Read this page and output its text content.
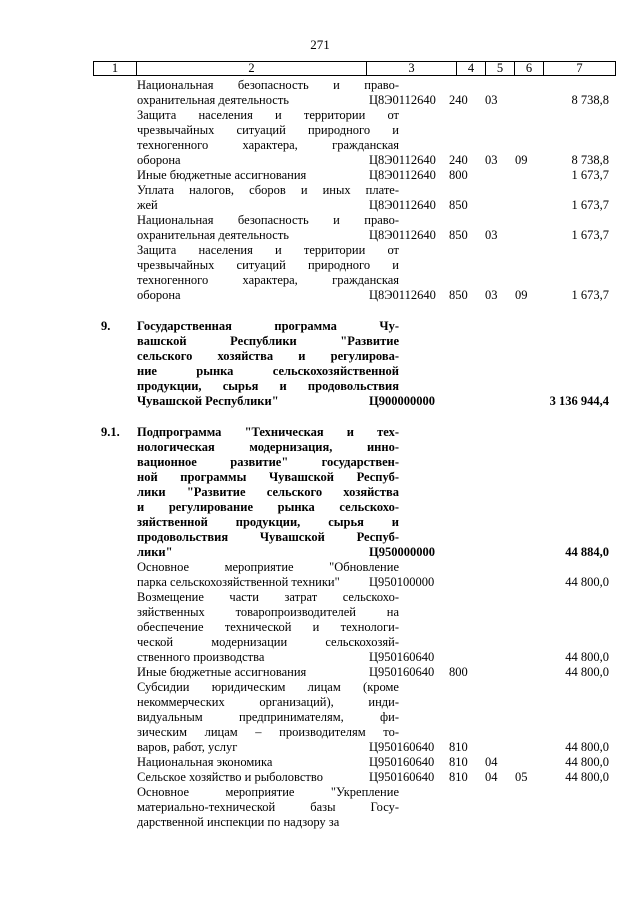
271
1	2	3	4	5	6	7
Национальная безопасность и право-
охранительная деятельность	Ц8Э0112640 240 03	8 738,8
Защита населения и территории от
чрезвычайных ситуаций природного и
техногенного характера, гражданская
оборона	Ц8Э0112640 240 03 09	8 738,8
Иные бюджетные ассигнования	Ц8Э0112640 800	1 673,7
Уплата налогов, сборов и иных плате-
жей	Ц8Э0112640 850	1 673,7
Национальная безопасность и право-
охранительная деятельность	Ц8Э0112640 850 03	1 673,7
Защита населения и территории от
чрезвычайных ситуаций природного и
техногенного характера, гражданская
оборона	Ц8Э0112640 850 03 09	1 673,7
9. Государственная программа Чу-
вашской Республики "Развитие
сельского хозяйства и регулирова-
ние рынка сельскохозяйственной
продукции, сырья и продовольствия
Чувашской Республики"	Ц900000000	3 136 944,4
9.1. Подпрограмма "Техническая и тех-
нологическая модернизация, инно-
вационное развитие" государствен-
ной программы Чувашской Респуб-
лики "Развитие сельского хозяйства
и регулирование рынка сельскохо-
зяйственной продукции, сырья и
продовольствия Чувашской Респуб-
лики"	Ц950000000	44 884,0
Основное мероприятие "Обновление
парка сельскохозяйственной техники"	Ц950100000	44 800,0
Возмещение части затрат сельскохо-
зяйственных товаропроизводителей на
обеспечение технической и технологи-
ческой модернизации сельскохозяй-
ственного производства	Ц950160640	44 800,0
Иные бюджетные ассигнования	Ц950160640 800	44 800,0
Субсидии юридическим лицам (кроме
некоммерческих организаций), инди-
видуальным предпринимателям, фи-
зическим лицам – производителям то-
варов, работ, услуг	Ц950160640 810	44 800,0
Национальная экономика	Ц950160640 810 04	44 800,0
Сельское хозяйство и рыболовство	Ц950160640 810 04 05	44 800,0
Основное мероприятие "Укрепление
материально-технической базы Госу-
дарственной инспекции по надзору за
